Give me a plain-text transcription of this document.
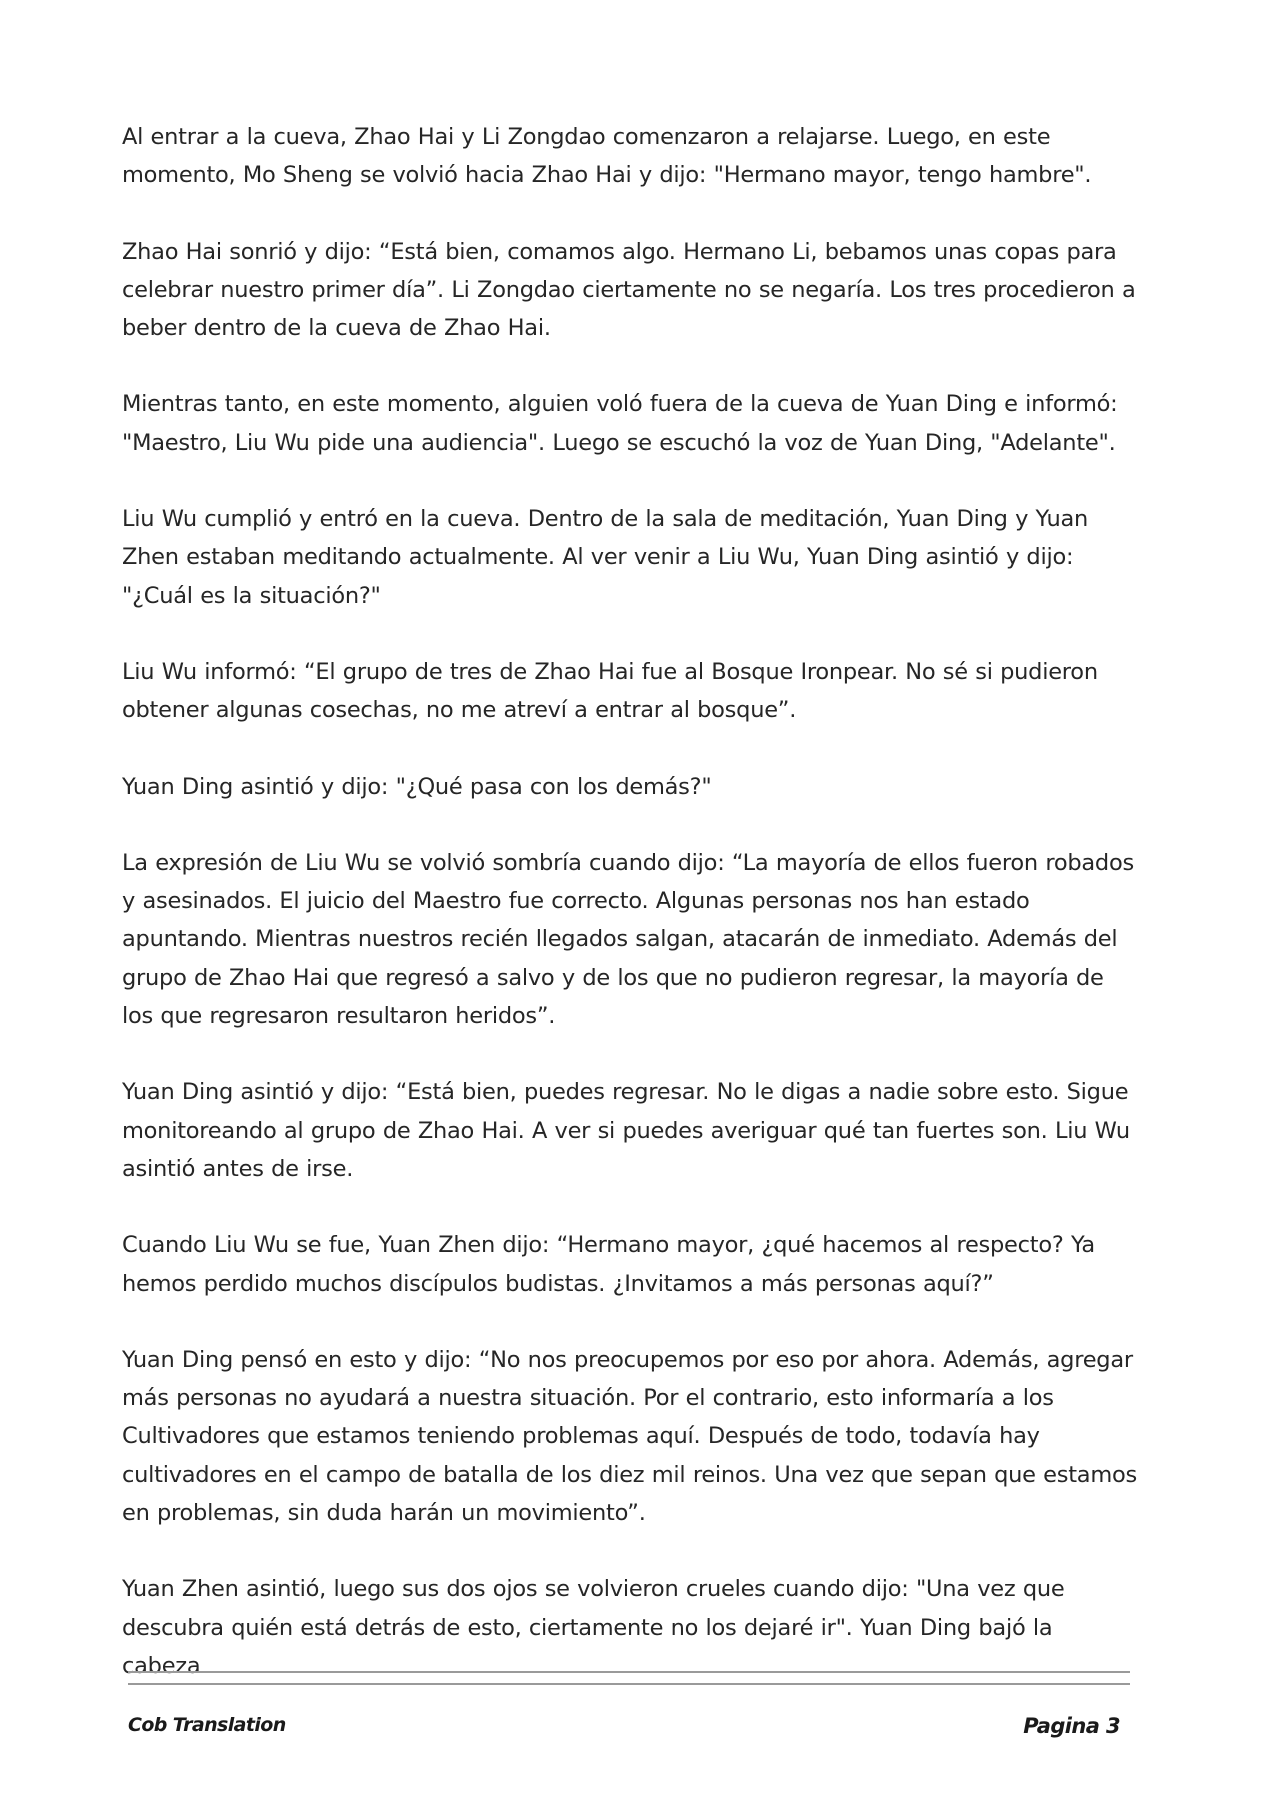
Al entrar a la cueva, Zhao Hai y Li Zongdao comenzaron a relajarse. Luego, en este momento, Mo Sheng se volvió hacia Zhao Hai y dijo: "Hermano mayor, tengo hambre".

Zhao Hai sonrió y dijo: “Está bien, comamos algo. Hermano Li, bebamos unas copas para celebrar nuestro primer día”. Li Zongdao ciertamente no se negaría. Los tres procedieron a beber dentro de la cueva de Zhao Hai.

Mientras tanto, en este momento, alguien voló fuera de la cueva de Yuan Ding e informó: "Maestro, Liu Wu pide una audiencia". Luego se escuchó la voz de Yuan Ding, "Adelante".

Liu Wu cumplió y entró en la cueva. Dentro de la sala de meditación, Yuan Ding y Yuan Zhen estaban meditando actualmente. Al ver venir a Liu Wu, Yuan Ding asintió y dijo: "¿Cuál es la situación?"

Liu Wu informó: “El grupo de tres de Zhao Hai fue al Bosque Ironpear. No sé si pudieron obtener algunas cosechas, no me atreví a entrar al bosque”.

Yuan Ding asintió y dijo: "¿Qué pasa con los demás?"

La expresión de Liu Wu se volvió sombría cuando dijo: “La mayoría de ellos fueron robados y asesinados. El juicio del Maestro fue correcto. Algunas personas nos han estado apuntando. Mientras nuestros recién llegados salgan, atacarán de inmediato. Además del grupo de Zhao Hai que regresó a salvo y de los que no pudieron regresar, la mayoría de los que regresaron resultaron heridos”.

Yuan Ding asintió y dijo: “Está bien, puedes regresar. No le digas a nadie sobre esto. Sigue monitoreando al grupo de Zhao Hai. A ver si puedes averiguar qué tan fuertes son. Liu Wu asintió antes de irse.

Cuando Liu Wu se fue, Yuan Zhen dijo: “Hermano mayor, ¿qué hacemos al respecto? Ya hemos perdido muchos discípulos budistas. ¿Invitamos a más personas aquí?”

Yuan Ding pensó en esto y dijo: “No nos preocupemos por eso por ahora. Además, agregar más personas no ayudará a nuestra situación. Por el contrario, esto informaría a los Cultivadores que estamos teniendo problemas aquí. Después de todo, todavía hay cultivadores en el campo de batalla de los diez mil reinos. Una vez que sepan que estamos en problemas, sin duda harán un movimiento”.

Yuan Zhen asintió, luego sus dos ojos se volvieron crueles cuando dijo: "Una vez que descubra quién está detrás de esto, ciertamente no los dejaré ir". Yuan Ding bajó la cabeza

Cob Translation	Pagina 3
